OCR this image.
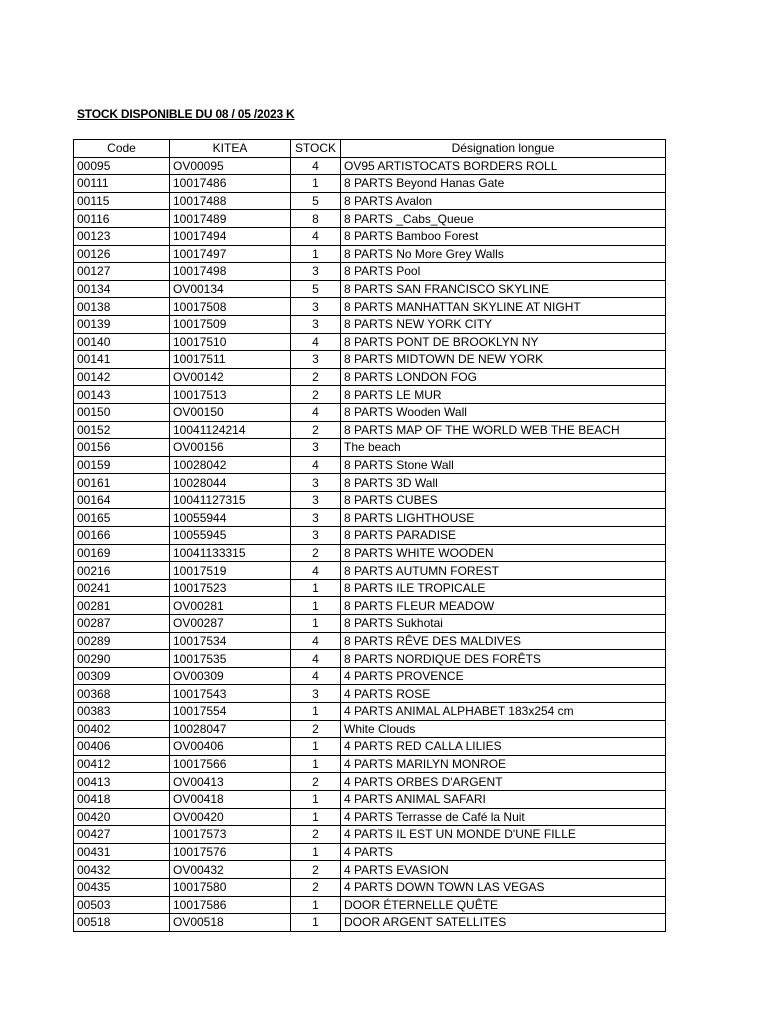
STOCK DISPONIBLE DU 08 / 05 /2023 K
Code	KITEA	STOCK	Désignation longue
00095	OV00095	4	OV95 ARTISTOCATS BORDERS ROLL
00111	10017486	1	8 PARTS Beyond Hanas Gate
00115	10017488	5	8 PARTS Avalon
00116	10017489	8	8 PARTS _Cabs_Queue
00123	10017494	4	8 PARTS Bamboo Forest
00126	10017497	1	8 PARTS No More Grey Walls
00127	10017498	3	8 PARTS Pool
00134	OV00134	5	8 PARTS SAN FRANCISCO SKYLINE
00138	10017508	3	8 PARTS MANHATTAN SKYLINE AT NIGHT
00139	10017509	3	8 PARTS NEW YORK CITY
00140	10017510	4	8 PARTS PONT DE BROOKLYN NY
00141	10017511	3	8 PARTS MIDTOWN DE NEW YORK
00142	OV00142	2	8 PARTS LONDON FOG
00143	10017513	2	8 PARTS LE MUR
00150	OV00150	4	8 PARTS Wooden Wall
00152	10041124214	2	8 PARTS MAP OF THE WORLD WEB THE BEACH
00156	OV00156	3	The beach
00159	10028042	4	8 PARTS Stone Wall
00161	10028044	3	8 PARTS 3D Wall
00164	10041127315	3	8 PARTS CUBES
00165	10055944	3	8 PARTS LIGHTHOUSE
00166	10055945	3	8 PARTS PARADISE
00169	10041133315	2	8 PARTS WHITE WOODEN
00216	10017519	4	8 PARTS AUTUMN FOREST
00241	10017523	1	8 PARTS ILE TROPICALE
00281	OV00281	1	8 PARTS FLEUR MEADOW
00287	OV00287	1	8 PARTS Sukhotai
00289	10017534	4	8 PARTS RÊVE DES MALDIVES
00290	10017535	4	8 PARTS NORDIQUE DES FORÊTS
00309	OV00309	4	4 PARTS PROVENCE
00368	10017543	3	4 PARTS ROSE
00383	10017554	1	4 PARTS ANIMAL ALPHABET 183x254 cm
00402	10028047	2	White Clouds
00406	OV00406	1	4 PARTS RED CALLA LILIES
00412	10017566	1	4 PARTS MARILYN MONROE
00413	OV00413	2	4 PARTS ORBES D'ARGENT
00418	OV00418	1	4 PARTS ANIMAL SAFARI
00420	OV00420	1	4 PARTS Terrasse de Café la Nuit
00427	10017573	2	4 PARTS IL EST UN MONDE D'UNE FILLE
00431	10017576	1	4 PARTS
00432	OV00432	2	4 PARTS EVASION
00435	10017580	2	4 PARTS DOWN TOWN LAS VEGAS
00503	10017586	1	DOOR ÉTERNELLE QUÊTE
00518	OV00518	1	DOOR ARGENT SATELLITES
